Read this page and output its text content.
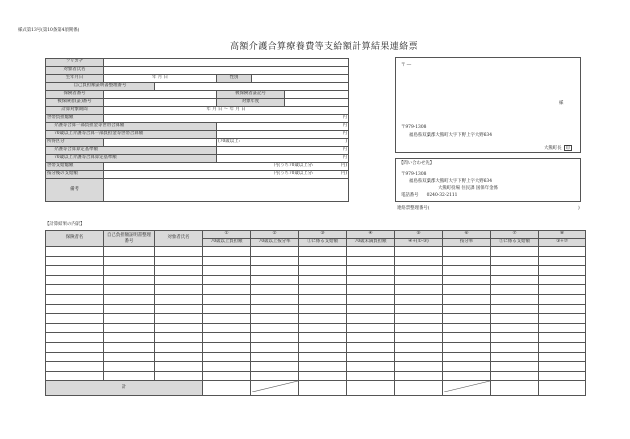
様式第13号(第10条第4項関係)
高額介護合算療養費等支給額計算結果連絡票
フリガナ					
対象者氏名					
生年月日	年 月 日		性別		
自己負担額証明書整理番号					
保険者番号			被保険者証記号		
被保険者(証)番号			対象年度		
計算対象期間	年 月 日 〜 年 月 日				
世帯負担総額	円				
介護等合算一部負担金等世帯合算額			円		
70歳以上介護等合算一部負担金等世帯合算額			円		
所得区分			(70歳以上: )		

介護等合算算定基準額			円		
70歳以上介護等合算算定基準額			円		
世帯支給総額	円(うち70歳以上分: 円)				

按分後の支給額	円(うち70歳以上分: 円)				

備考					
〒 ―
様
〒979-1308
福島県双葉郡大熊町大字下野上字大野634
大熊町長 印
【問い合わせ先】
〒979-1308
福島県双葉郡大熊町大字下野上字大野634
大熊町役場 住民課 国保年金係
電話番号 0240-32-2111
連絡票整理番号(	)
【計算結果の内訳】
保険者名	自己負担額証明書整理番号	対象者氏名	①	②	③	④	⑤	⑥	⑦	⑧
			70歳以上負担額	70歳以上按分率	①に係る支給額	70歳未満負担額	④+(①-③)	按分率	⑤に係る支給額	③+⑦

計								
